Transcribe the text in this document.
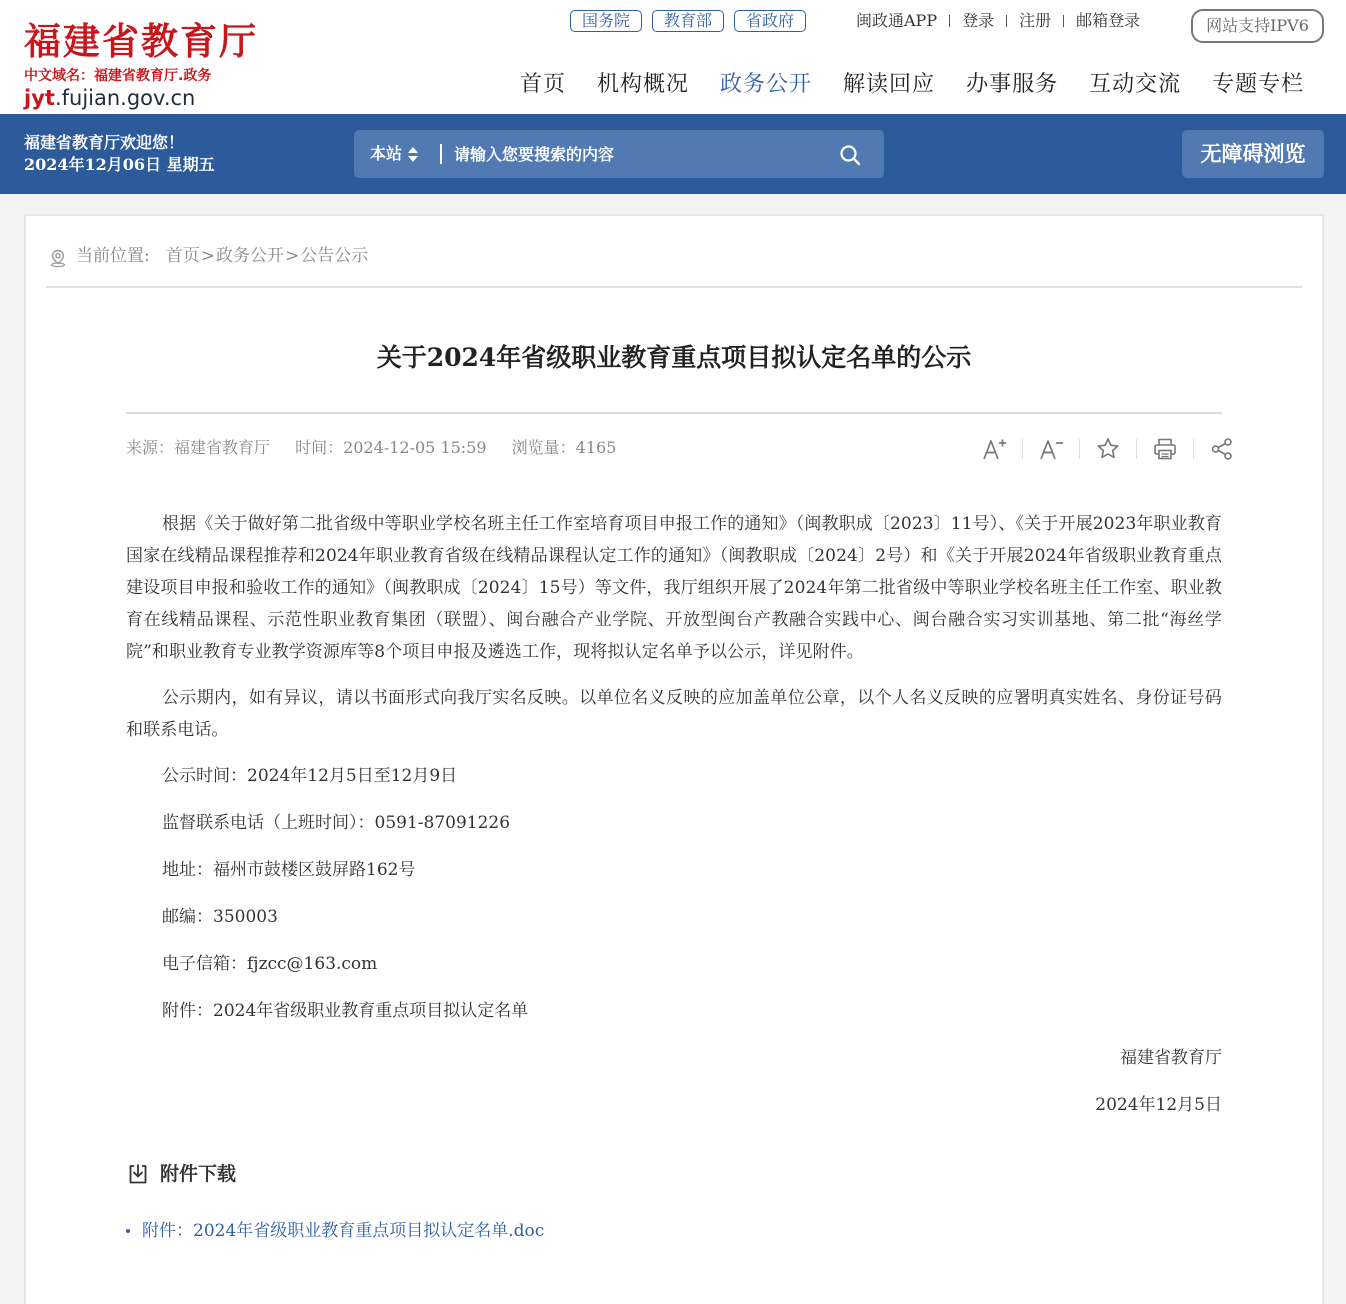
福建省教育厅
中文域名：福建省教育厅.政务
jyt.fujian.gov.cn
国务院	教育部	省政府	闽政通APP 登录 注册 邮箱登录	网站支持IPV6
首页 机构概况 政务公开 解读回应 办事服务 互动交流 专题专栏
福建省教育厅欢迎您！
2024年12月06日 星期五
本站
请输入您要搜索的内容	无障碍浏览
当前位置: 首页 > 政务公开 > 公告公示
关于2024年省级职业教育重点项目拟认定名单的公示
来源：福建省教育厅 时间：2024-12-05 15:59 浏览量：4165

根据《关于做好第二批省级中等职业学校名班主任工作室培育项目申报工作的通知》（闽教职成〔2023〕11号）、《关于开展2023年职业教育国家在线精品课程推荐和2024年职业教育省级在线精品课程认定工作的通知》（闽教职成〔2024〕2号）和《关于开展2024年省级职业教育重点建设项目申报和验收工作的通知》（闽教职成〔2024〕15号）等文件，我厅组织开展了2024年第二批省级中等职业学校名班主任工作室、职业教育在线精品课程、示范性职业教育集团（联盟）、闽台融合产业学院、开放型闽台产教融合实践中心、闽台融合实习实训基地、第二批“海丝学院”和职业教育专业教学资源库等8个项目申报及遴选工作，现将拟认定名单予以公示，详见附件。

公示期内，如有异议，请以书面形式向我厅实名反映。以单位名义反映的应加盖单位公章，以个人名义反映的应署明真实姓名、身份证号码和联系电话。

公示时间：2024年12月5日至12月9日

监督联系电话（上班时间）：0591-87091226

地址：福州市鼓楼区鼓屏路162号

邮编：350003

电子信箱：fjzcc@163.com

附件：2024年省级职业教育重点项目拟认定名单

福建省教育厅

2024年12月5日

附件下载
附件：2024年省级职业教育重点项目拟认定名单.doc
